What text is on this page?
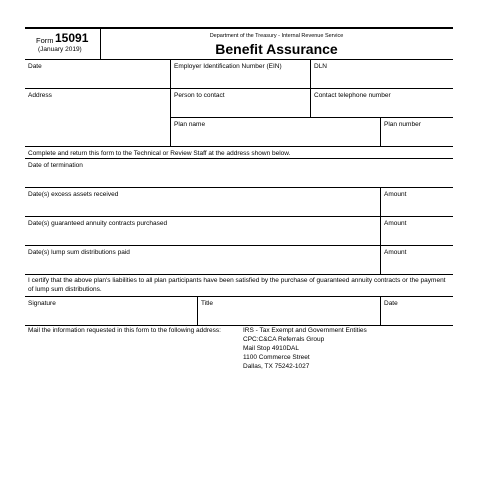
Form 15091
(January 2019)
Department of the Treasury - Internal Revenue Service
Benefit Assurance
Date	Employer Identification Number (EIN)	DLN
Person to contact	Contact telephone number
Address
Plan name	Plan number
Complete and return this form to the Technical or Review Staff at the address shown below.
Date of termination
Date(s) excess assets received	Amount
Date(s) guaranteed annuity contracts purchased	Amount
Date(s) lump sum distributions paid	Amount
I certify that the above plan's liabilities to all plan participants have been satisfied by the purchase of guaranteed annuity contracts or the payment of lump sum distributions.
Signature	Title	Date
Mail the information requested in this form to the following address:	IRS - Tax Exempt and Government Entities
CPC:C&CA Referrals Group
Mail Stop 4910DAL
1100 Commerce Street
Dallas, TX 75242-1027
